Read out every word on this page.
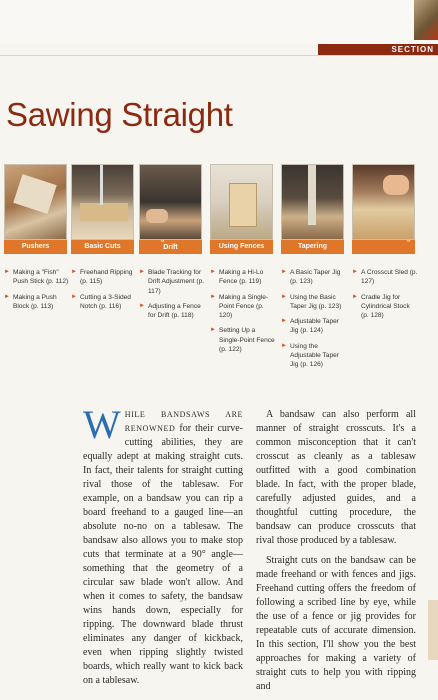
SECTION
Sawing Straight
Pushers	Basic Cuts	Drift	Using Fences	Tapering
► Making a "Fish" Push Stick (p. 112)
► Making a Push Block (p. 113)
► Freehand Ripping (p. 115)
► Cutting a 3-Sided Notch (p. 116)
► Blade Tracking for Drift Adjustment (p. 117)
► Adjusting a Fence for Drift (p. 118)
► Making a Hi-Lo Fence (p. 119)
► Making a Single-Point Fence (p. 120)
► Setting Up a Single-Point Fence (p. 122)
► A Basic Taper Jig (p. 123)
► Using the Basic Taper Jig (p. 123)
► Adjustable Taper Jig (p. 124)
► Using the Adjustable Taper Jig (p. 126)
► A Crosscut Sled (p. 127)
► Cradle Jig for Cylindrical Stock (p. 128)

WHILE BANDSAWS ARE RENOWNED for their curve-cutting abilities, they are equally adept at making straight cuts. In fact, their talents for straight cutting rival those of the tablesaw. For example, on a bandsaw you can rip a board freehand to a gauged line—an absolute no-no on a tablesaw. The bandsaw also allows you to make stop cuts that terminate at a 90° angle—something that the geometry of a circular saw blade won't allow. And when it comes to safety, the bandsaw wins hands down, especially for ripping. The downward blade thrust eliminates any danger of kickback, even when ripping slightly twisted boards, which really want to kick back on a tablesaw.

A bandsaw can also perform all manner of straight crosscuts. It's a common misconception that it can't crosscut as cleanly as a tablesaw outfitted with a good combination blade. In fact, with the proper blade, carefully adjusted guides, and a thoughtful cutting procedure, the bandsaw can produce crosscuts that rival those produced by a tablesaw.

Straight cuts on the bandsaw can be made freehand or with fences and jigs. Freehand cutting offers the freedom of following a scribed line by eye, while the use of a fence or jig provides for repeatable cuts of accurate dimension. In this section, I'll show you the best approaches for making a variety of straight cuts to help you with ripping and
